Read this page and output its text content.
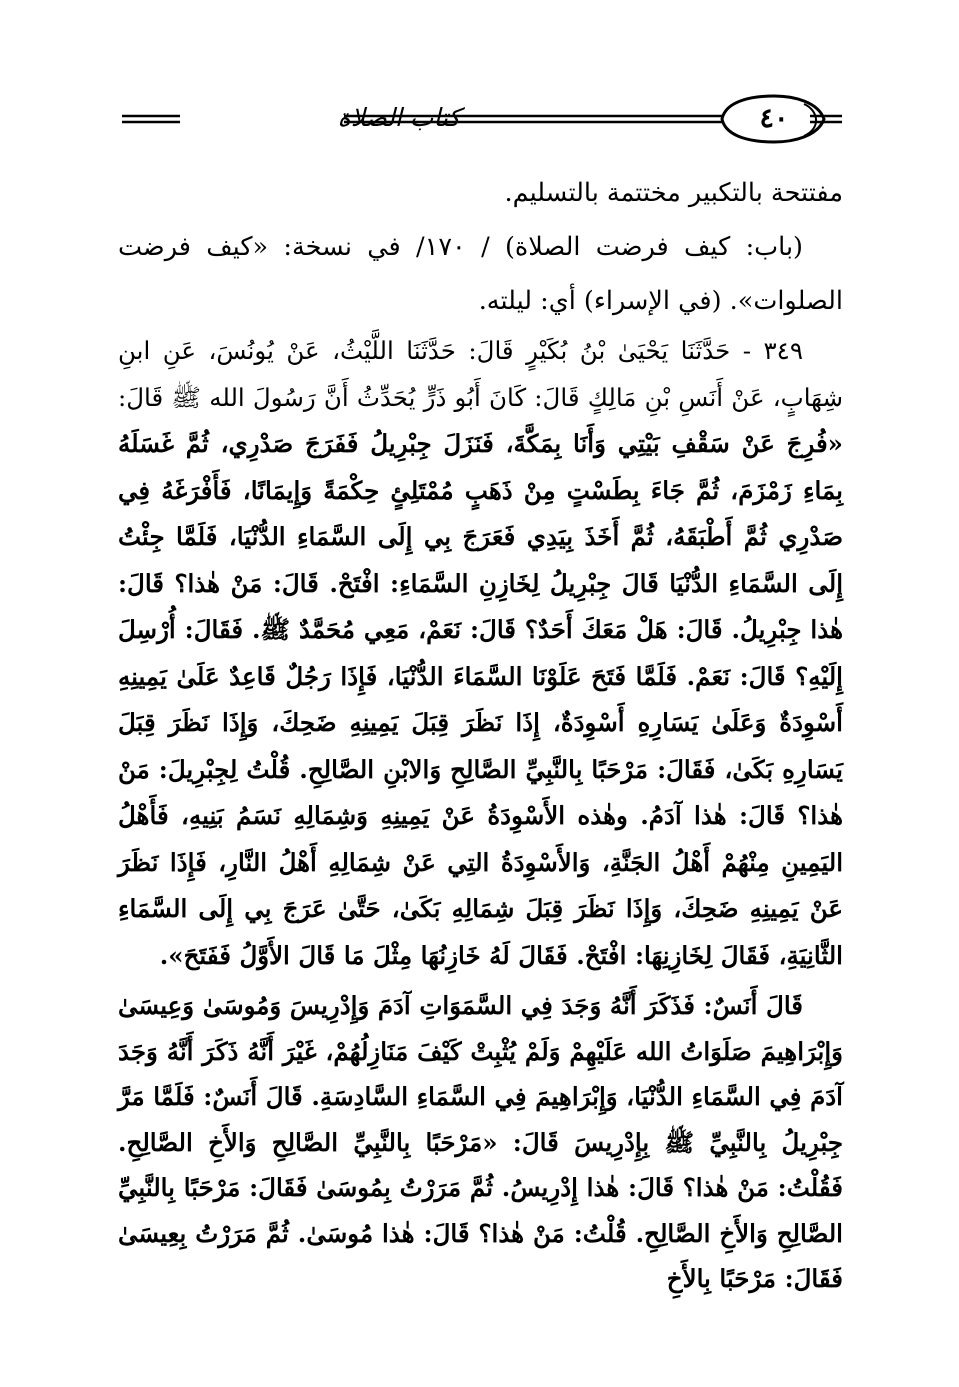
كتاب الصلاة	٤٠

مفتتحة بالتكبير مختتمة بالتسليم.

(باب: كيف فرضت الصلاة) / ١٧٠/ في نسخة: «كيف فرضت الصلوات». (في الإسراء) أي: ليلته.

٣٤٩ - حَدَّثَنَا يَحْيَىٰ بْنُ بُكَيْرٍ قَالَ: حَدَّثَنَا اللَّيْثُ، عَنْ يُونُسَ، عَنِ ابنِ شِهَابٍ، عَنْ أَنَسِ بْنِ مَالِكٍ قَالَ: كَانَ أَبُو ذَرٍّ يُحَدِّثُ أَنَّ رَسُولَ الله ﷺ قَالَ: «فُرِجَ عَنْ سَقْفِ بَيْتِي وَأَنَا بِمَكَّةَ، فَنَزَلَ جِبْرِيلُ فَفَرَجَ صَدْرِي، ثُمَّ غَسَلَهُ بِمَاءِ زَمْزَمَ، ثُمَّ جَاءَ بِطَسْتٍ مِنْ ذَهَبٍ مُمْتَلِئٍ حِكْمَةً وَإِيمَانًا، فَأَفْرَغَهُ فِي صَدْرِي ثُمَّ أَطْبَقَهُ، ثُمَّ أَخَذَ بِيَدِي فَعَرَجَ بِي إِلَى السَّمَاءِ الدُّنْيَا، فَلَمَّا جِئْتُ إِلَى السَّمَاءِ الدُّنْيَا قَالَ جِبْرِيلُ لِخَازِنِ السَّمَاءِ: افْتَحْ. قَالَ: مَنْ هٰذا؟ قَالَ: هٰذا جِبْرِيلُ. قَالَ: هَلْ مَعَكَ أَحَدٌ؟ قَالَ: نَعَمْ، مَعِي مُحَمَّدٌ ﷺ. فَقَالَ: أُرْسِلَ إِلَيْهِ؟ قَالَ: نَعَمْ. فَلَمَّا فَتَحَ عَلَوْنَا السَّمَاءَ الدُّنْيَا، فَإِذَا رَجُلٌ قَاعِدٌ عَلَىٰ يَمِينِهِ أَسْوِدَةٌ وَعَلَىٰ يَسَارِهِ أَسْوِدَةٌ، إِذَا نَظَرَ قِبَلَ يَمِينِهِ ضَحِكَ، وَإِذَا نَظَرَ قِبَلَ يَسَارِهِ بَكَىٰ، فَقَالَ: مَرْحَبًا بِالنَّبِيِّ الصَّالِحِ وَالابْنِ الصَّالِحِ. قُلْتُ لِجِبْرِيلَ: مَنْ هٰذا؟ قَالَ: هٰذا آدَمُ. وهٰذه الأَسْوِدَةُ عَنْ يَمِينِهِ وَشِمَالِهِ نَسَمُ بَنِيهِ، فَأَهْلُ اليَمِينِ مِنْهُمْ أَهْلُ الجَنَّةِ، وَالأَسْوِدَةُ التِي عَنْ شِمَالِهِ أَهْلُ النَّارِ، فَإِذَا نَظَرَ عَنْ يَمِينِهِ ضَحِكَ، وَإِذَا نَظَرَ قِبَلَ شِمَالِهِ بَكَىٰ، حَتَّىٰ عَرَجَ بِي إِلَى السَّمَاءِ الثَّانِيَةِ، فَقَالَ لِخَازِنِهَا: افْتَحْ. فَقَالَ لَهُ خَازِنُهَا مِثْلَ مَا قَالَ الأَوَّلُ فَفَتَحَ».

قَالَ أَنَسٌ: فَذَكَرَ أَنَّهُ وَجَدَ فِي السَّمَوَاتِ آدَمَ وَإِدْرِيسَ وَمُوسَىٰ وَعِيسَىٰ وَإِبْرَاهِيمَ صَلَوَاتُ الله عَلَيْهِمْ وَلَمْ يُثْبِتْ كَيْفَ مَنَازِلُهُمْ، غَيْرَ أَنَّهُ ذَكَرَ أَنَّهُ وَجَدَ آدَمَ فِي السَّمَاءِ الدُّنْيَا، وَإِبْرَاهِيمَ فِي السَّمَاءِ السَّادِسَةِ. قَالَ أَنَسٌ: فَلَمَّا مَرَّ جِبْرِيلُ بِالنَّبِيِّ ﷺ بِإِدْرِيسَ قَالَ: «مَرْحَبًا بِالنَّبِيِّ الصَّالِحِ وَالأَخِ الصَّالِحِ. فَقُلْتُ: مَنْ هٰذا؟ قَالَ: هٰذا إِدْرِيسُ. ثُمَّ مَرَرْتُ بِمُوسَىٰ فَقَالَ: مَرْحَبًا بِالنَّبِيِّ الصَّالِحِ وَالأَخِ الصَّالِحِ. قُلْتُ: مَنْ هٰذا؟ قَالَ: هٰذا مُوسَىٰ. ثُمَّ مَرَرْتُ بِعِيسَىٰ فَقَالَ: مَرْحَبًا بِالأَخِ
